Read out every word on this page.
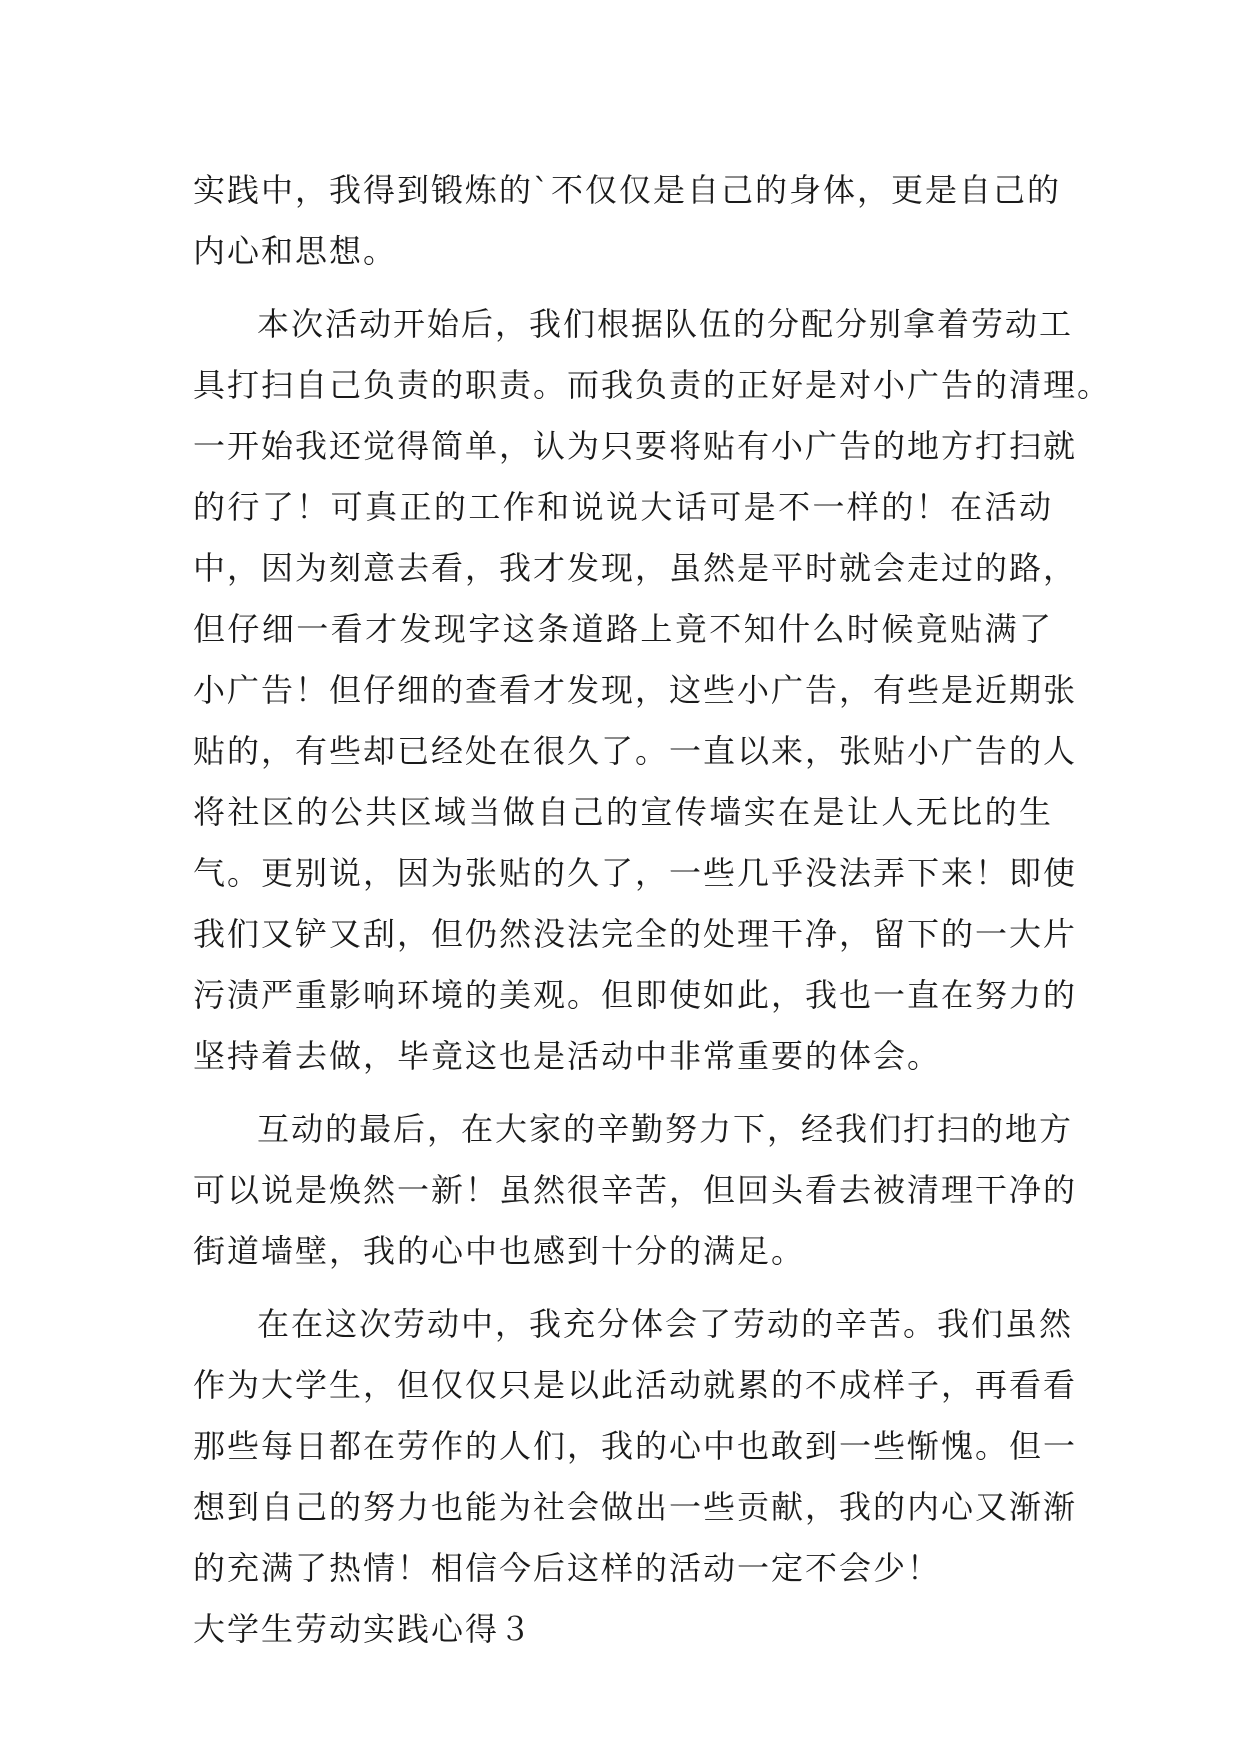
实践中，我得到锻炼的`不仅仅是自己的身体，更是自己的
内心和思想。
本次活动开始后，我们根据队伍的分配分别拿着劳动工
具打扫自己负责的职责。而我负责的正好是对小广告的清理。
一开始我还觉得简单，认为只要将贴有小广告的地方打扫就
的行了！可真正的工作和说说大话可是不一样的！在活动
中，因为刻意去看，我才发现，虽然是平时就会走过的路，
但仔细一看才发现字这条道路上竟不知什么时候竟贴满了
小广告！但仔细的查看才发现，这些小广告，有些是近期张
贴的，有些却已经处在很久了。一直以来，张贴小广告的人
将社区的公共区域当做自己的宣传墙实在是让人无比的生
气。更别说，因为张贴的久了，一些几乎没法弄下来！即使
我们又铲又刮，但仍然没法完全的处理干净，留下的一大片
污渍严重影响环境的美观。但即使如此，我也一直在努力的
坚持着去做，毕竟这也是活动中非常重要的体会。
互动的最后，在大家的辛勤努力下，经我们打扫的地方
可以说是焕然一新！虽然很辛苦，但回头看去被清理干净的
街道墙壁，我的心中也感到十分的满足。
在在这次劳动中，我充分体会了劳动的辛苦。我们虽然
作为大学生，但仅仅只是以此活动就累的不成样子，再看看
那些每日都在劳作的人们，我的心中也敢到一些惭愧。但一
想到自己的努力也能为社会做出一些贡献，我的内心又渐渐
的充满了热情！相信今后这样的活动一定不会少！
大学生劳动实践心得３
